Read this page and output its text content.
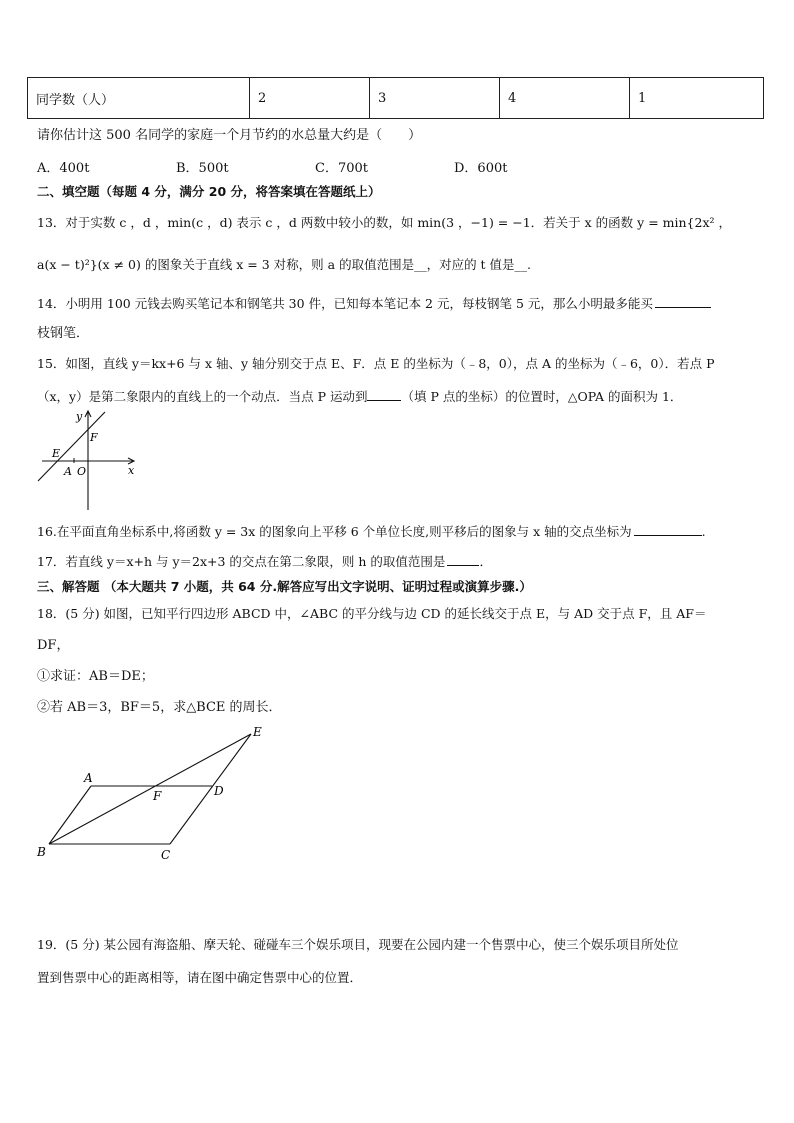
同学数（人）	2	3	4	1
请你估计这 500 名同学的家庭一个月节约的水总量大约是（　　）
A．400t	B．500t	C．700t	D．600t
二、填空题（每题 4 分，满分 20 分，将答案填在答题纸上）
13．对于实数 c ，d ，min(c ，d) 表示 c ，d 两数中较小的数，如 min(3 ，−1) = −1．若关于 x 的函数 y = min{2x² ，
a(x − t)²}(x ≠ 0) 的图象关于直线 x = 3 对称，则 a 的取值范围是__，对应的 t 值是__.
14．小明用 100 元钱去购买笔记本和钢笔共 30 件，已知每本笔记本 2 元，每枝钢笔 5 元，那么小明最多能买
枝钢笔．
15．如图，直线 y＝kx+6 与 x 轴、y 轴分别交于点 E、F．点 E 的坐标为（﹣8，0），点 A 的坐标为（﹣6，0）．若点 P
（x，y）是第二象限内的直线上的一个动点．当点 P 运动到	（填 P 点的坐标）的位置时，△OPA 的面积为 1．
y
F
E
A O	x
16.在平面直角坐标系中,将函数 y = 3x 的图象向上平移 6 个单位长度,则平移后的图象与 x 轴的交点坐标为	.
17．若直线 y＝x+h 与 y＝2x+3 的交点在第二象限，则 h 的取值范围是	．
三、解答题 （本大题共 7 小题，共 64 分.解答应写出文字说明、证明过程或演算步骤.）
18．(5 分) 如图，已知平行四边形 ABCD 中，∠ABC 的平分线与边 CD 的延长线交于点 E，与 AD 交于点 F，且 AF＝
DF，
①求证：AB＝DE；
②若 AB＝3，BF＝5，求△BCE 的周长．
A
B	C
D
E
F
19．(5 分) 某公园有海盗船、摩天轮、碰碰车三个娱乐项目，现要在公园内建一个售票中心，使三个娱乐项目所处位
置到售票中心的距离相等，请在图中确定售票中心的位置．
